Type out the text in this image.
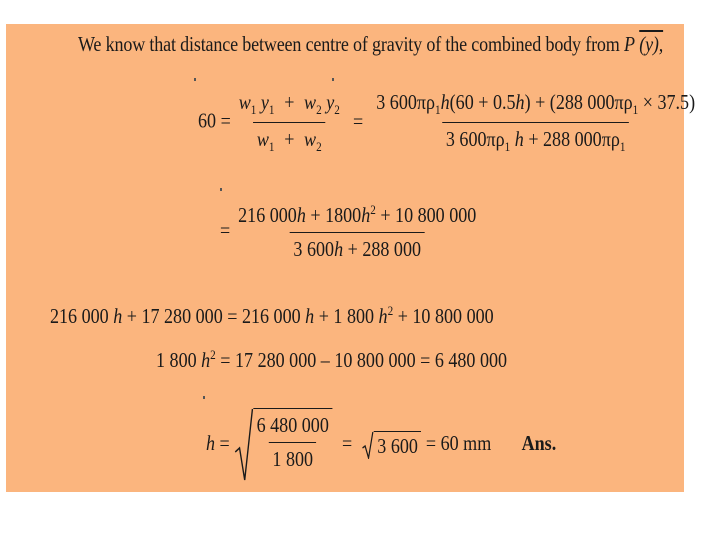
We know that distance between centre of gravity of the combined body from P (y),
$60 = \frac{w_1 y_1 + w_2 y_2}{w_1 + w_2} = \frac{3 600\pi\rho_1h(60 + 0.5h) + (288 000\pi\rho_1 \times 37.5)}{3 600\pi\rho_1 h + 288 000\pi\rho_1}$
= $\frac{216 000h + 1800h^2 + 10 800 000}{3 600h + 288 000}$
216 000 h + 17 280 000 = 216 000 h + 1 800 $h^2 + 10$ 800 000
1 800 $h^2 = 17$ 280 000 – 10 800 000 = 6 480 000
$h = \frac{6 480 000}{1 800} = 3$ 600 = 60 mm Ans.
